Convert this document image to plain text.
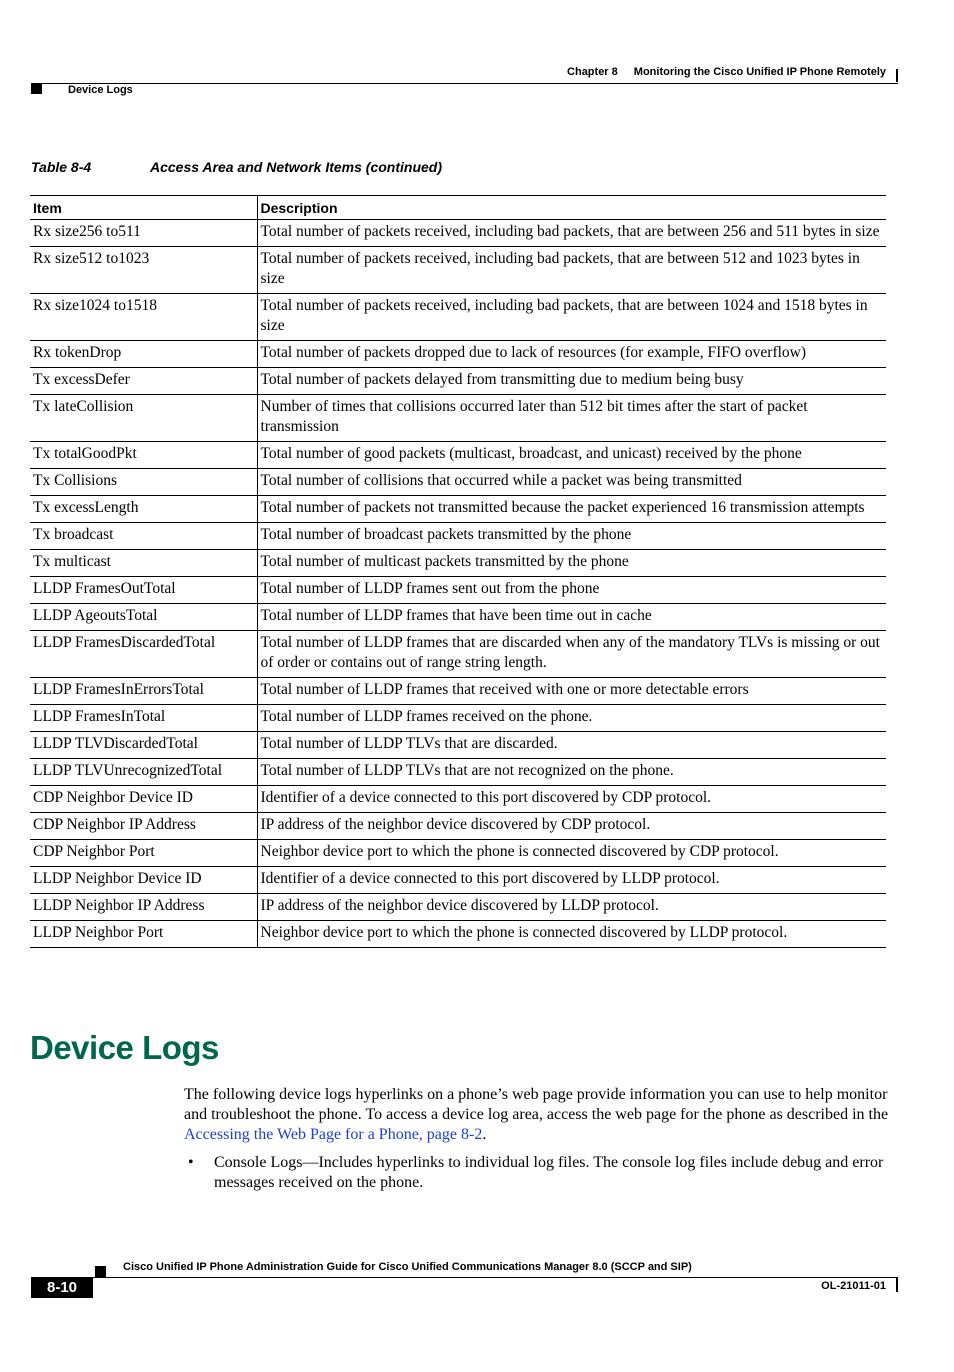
Chapter 8 Monitoring the Cisco Unified IP Phone Remotely
Device Logs
Table 8-4	Access Area and Network Items (continued)
Item	Description
Rx size256 to511	Total number of packets received, including bad packets, that are between 256 and 511 bytes in size
Rx size512 to1023	Total number of packets received, including bad packets, that are between 512 and 1023 bytes in size
Rx size1024 to1518	Total number of packets received, including bad packets, that are between 1024 and 1518 bytes in size
Rx tokenDrop	Total number of packets dropped due to lack of resources (for example, FIFO overflow)
Tx excessDefer	Total number of packets delayed from transmitting due to medium being busy
Tx lateCollision	Number of times that collisions occurred later than 512 bit times after the start of packet transmission
Tx totalGoodPkt	Total number of good packets (multicast, broadcast, and unicast) received by the phone
Tx Collisions	Total number of collisions that occurred while a packet was being transmitted
Tx excessLength	Total number of packets not transmitted because the packet experienced 16 transmission attempts
Tx broadcast	Total number of broadcast packets transmitted by the phone
Tx multicast	Total number of multicast packets transmitted by the phone
LLDP FramesOutTotal	Total number of LLDP frames sent out from the phone
LLDP AgeoutsTotal	Total number of LLDP frames that have been time out in cache
LLDP FramesDiscardedTotal	Total number of LLDP frames that are discarded when any of the mandatory TLVs is missing or out of order or contains out of range string length.
LLDP FramesInErrorsTotal	Total number of LLDP frames that received with one or more detectable errors
LLDP FramesInTotal	Total number of LLDP frames received on the phone.
LLDP TLVDiscardedTotal	Total number of LLDP TLVs that are discarded.
LLDP TLVUnrecognizedTotal	Total number of LLDP TLVs that are not recognized on the phone.
CDP Neighbor Device ID	Identifier of a device connected to this port discovered by CDP protocol.
CDP Neighbor IP Address	IP address of the neighbor device discovered by CDP protocol.
CDP Neighbor Port	Neighbor device port to which the phone is connected discovered by CDP protocol.
LLDP Neighbor Device ID	Identifier of a device connected to this port discovered by LLDP protocol.
LLDP Neighbor IP Address	IP address of the neighbor device discovered by LLDP protocol.
LLDP Neighbor Port	Neighbor device port to which the phone is connected discovered by LLDP protocol.
Device Logs

The following device logs hyperlinks on a phone’s web page provide information you can use to help monitor and troubleshoot the phone. To access a device log area, access the web page for the phone as described in the Accessing the Web Page for a Phone, page 8-2.

• Console Logs—Includes hyperlinks to individual log files. The console log files include debug and error messages received on the phone.
Cisco Unified IP Phone Administration Guide for Cisco Unified Communications Manager 8.0 (SCCP and SIP)
8-10	OL-21011-01
